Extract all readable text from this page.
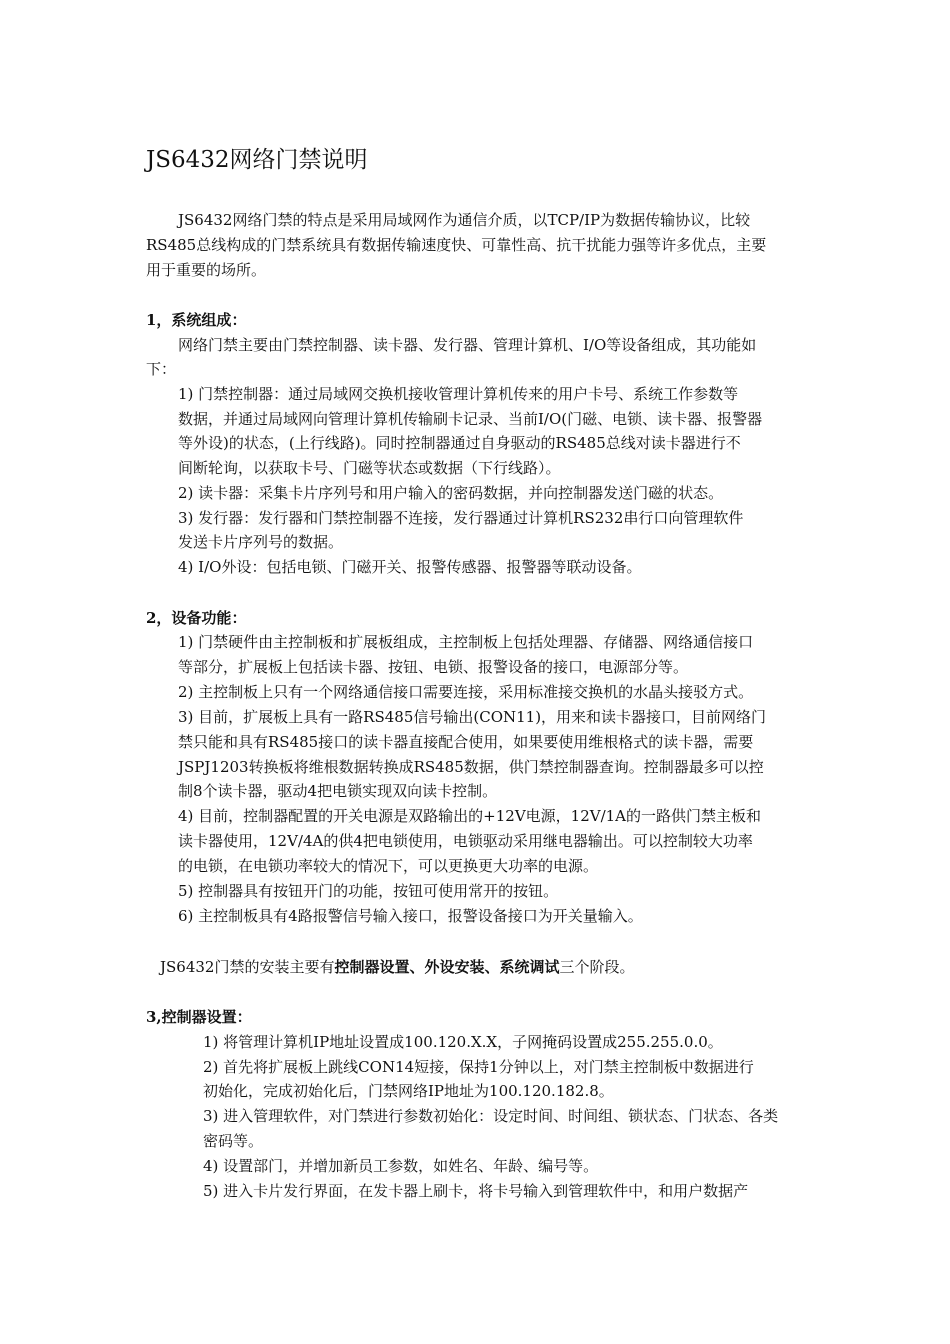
JS6432网络门禁说明
JS6432网络门禁的特点是采用局域网作为通信介质，以TCP/IP为数据传输协议，比较
RS485总线构成的门禁系统具有数据传输速度快、可靠性高、抗干扰能力强等许多优点，主要
用于重要的场所。
1，系统组成：
网络门禁主要由门禁控制器、读卡器、发行器、管理计算机、I/O等设备组成，其功能如
下：
1) 门禁控制器：通过局域网交换机接收管理计算机传来的用户卡号、系统工作参数等
数据，并通过局域网向管理计算机传输刷卡记录、当前I/O(门磁、电锁、读卡器、报警器
等外设)的状态，(上行线路)。同时控制器通过自身驱动的RS485总线对读卡器进行不
间断轮询，以获取卡号、门磁等状态或数据（下行线路）。
2) 读卡器：采集卡片序列号和用户输入的密码数据，并向控制器发送门磁的状态。
3) 发行器：发行器和门禁控制器不连接，发行器通过计算机RS232串行口向管理软件
发送卡片序列号的数据。
4) I/O外设：包括电锁、门磁开关、报警传感器、报警器等联动设备。
2，设备功能：
1) 门禁硬件由主控制板和扩展板组成，主控制板上包括处理器、存储器、网络通信接口
等部分，扩展板上包括读卡器、按钮、电锁、报警设备的接口，电源部分等。
2) 主控制板上只有一个网络通信接口需要连接，采用标准接交换机的水晶头接驳方式。
3) 目前，扩展板上具有一路RS485信号输出(CON11)，用来和读卡器接口，目前网络门
禁只能和具有RS485接口的读卡器直接配合使用，如果要使用维根格式的读卡器，需要
JSPJ1203转换板将维根数据转换成RS485数据，供门禁控制器查询。控制器最多可以控
制8个读卡器，驱动4把电锁实现双向读卡控制。
4) 目前，控制器配置的开关电源是双路输出的+12V电源，12V/1A的一路供门禁主板和
读卡器使用，12V/4A的供4把电锁使用，电锁驱动采用继电器输出。可以控制较大功率
的电锁，在电锁功率较大的情况下，可以更换更大功率的电源。
5) 控制器具有按钮开门的功能，按钮可使用常开的按钮。
6) 主控制板具有4路报警信号输入接口，报警设备接口为开关量输入。
JS6432门禁的安装主要有控制器设置、外设安装、系统调试三个阶段。
3,控制器设置：
1) 将管理计算机IP地址设置成100.120.X.X，子网掩码设置成255.255.0.0。
2) 首先将扩展板上跳线CON14短接，保持1分钟以上，对门禁主控制板中数据进行
初始化，完成初始化后，门禁网络IP地址为100.120.182.8。
3) 进入管理软件，对门禁进行参数初始化：设定时间、时间组、锁状态、门状态、各类
密码等。
4) 设置部门，并增加新员工参数，如姓名、年龄、编号等。
5) 进入卡片发行界面，在发卡器上刷卡，将卡号输入到管理软件中，和用户数据产
